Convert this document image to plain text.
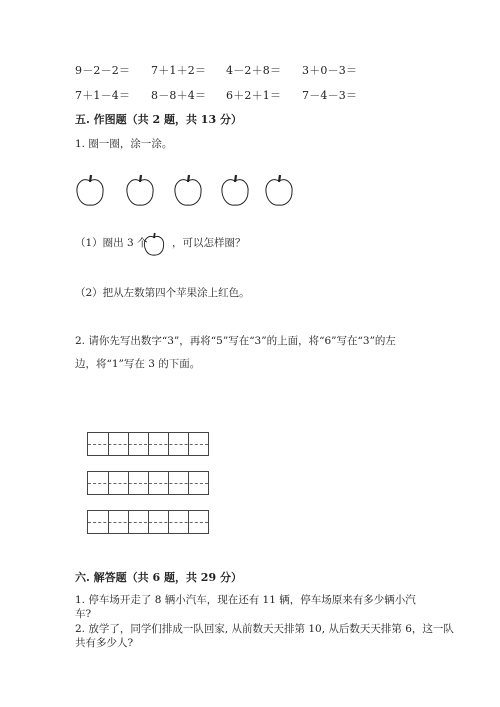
9－2－2＝ 7＋1＋2＝ 4－2＋8＝ 3＋0－3＝
7＋1－4＝ 8－8＋4＝ 6＋2＋1＝ 7－4－3＝
五. 作图题（共 2 题，共 13 分）
1. 圈一圈，涂一涂。
（1）圈出 3 个 ，可以怎样圈？
（2）把从左数第四个苹果涂上红色。
2. 请你先写出数字“3”，再将“5”写在“3”的上面，将“6”写在“3”的左
边，将“1”写在 3 的下面。
六. 解答题（共 6 题，共 29 分）
1. 停车场开走了 8 辆小汽车，现在还有 11 辆，停车场原来有多少辆小汽
车?
2. 放学了，同学们排成一队回家, 从前数天天排第 10, 从后数天天排第 6，这一队
共有多少人?
